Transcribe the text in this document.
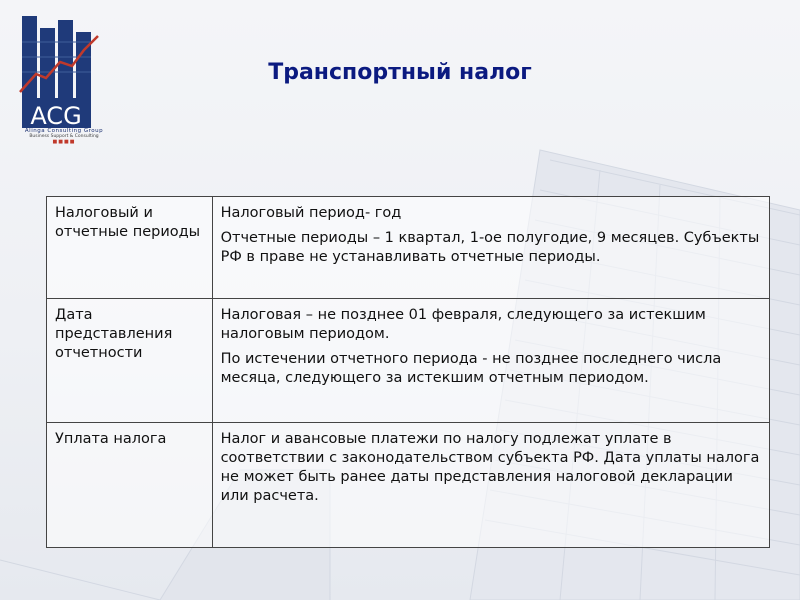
ACG
Alinga Consulting Group
Business Support & Consulting
■■■■
Транспортный налог
Налоговый и отчетные периоды	Налоговый период- год

Отчетные периоды – 1 квартал, 1-ое полугодие, 9 месяцев. Субъекты РФ в праве не устанавливать отчетные периоды.

Дата представления отчетности	Налоговая – не позднее 01 февраля, следующего за истекшим налоговым периодом.

По истечении отчетного периода - не позднее последнего числа месяца, следующего за истекшим отчетным периодом.

Уплата налога	Налог и авансовые платежи по налогу подлежат уплате в соответствии с законодательством субъекта РФ. Дата уплаты налога не может быть ранее даты представления налоговой декларации или расчета.
